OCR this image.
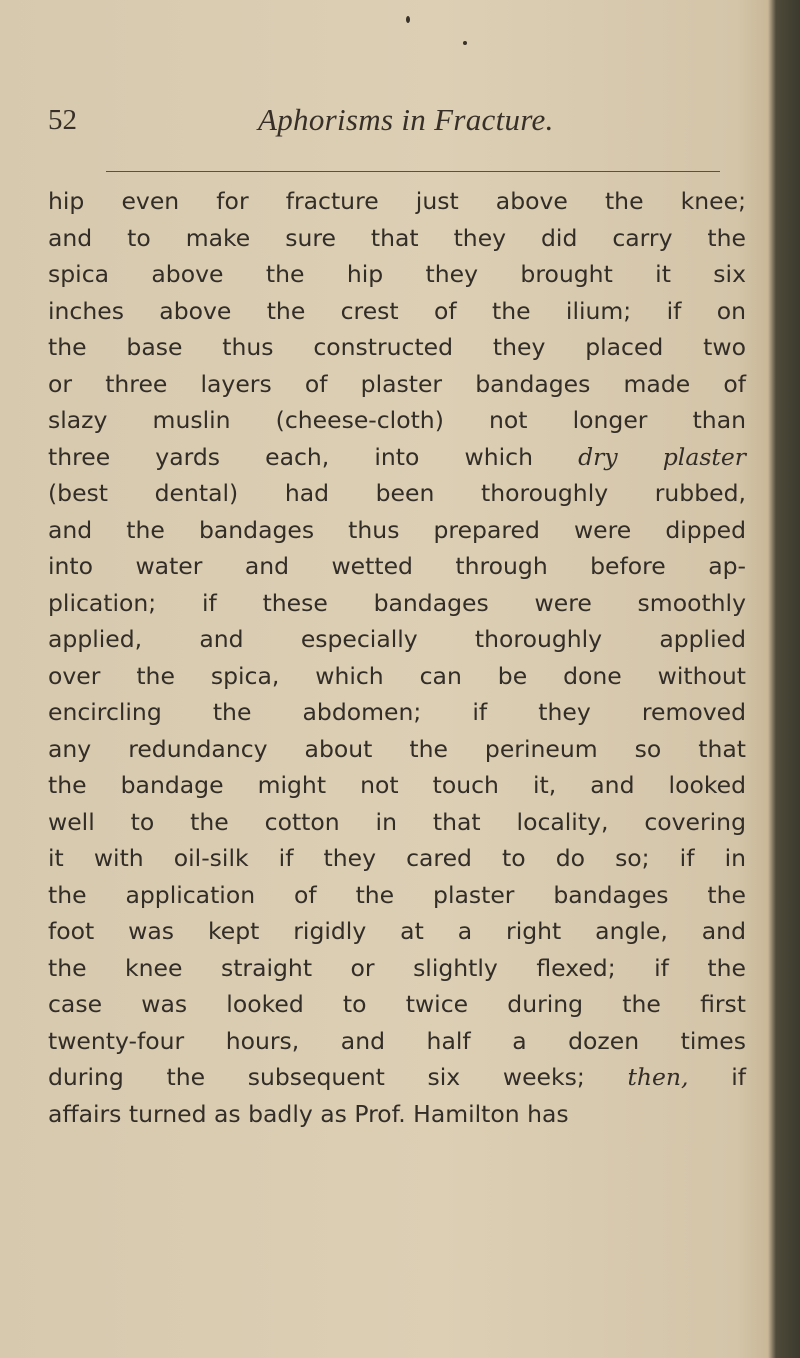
52	Aphorisms in Fracture.
hip even for fracture just above the knee;
and to make sure that they did carry the
spica above the hip they brought it six
inches above the crest of the ilium; if on
the base thus constructed they placed two
or three layers of plaster bandages made of
slazy muslin (cheese-cloth) not longer than
three yards each, into which dry plaster
(best dental) had been thoroughly rubbed,
and the bandages thus prepared were dipped
into water and wetted through before ap-
plication; if these bandages were smoothly
applied, and especially thoroughly applied
over the spica, which can be done without
encircling the abdomen; if they removed
any redundancy about the perineum so that
the bandage might not touch it, and looked
well to the cotton in that locality, covering
it with oil-silk if they cared to do so; if in
the application of the plaster bandages the
foot was kept rigidly at a right angle, and
the knee straight or slightly flexed; if the
case was looked to twice during the first
twenty-four hours, and half a dozen times
during the subsequent six weeks; then, if
affairs turned as badly as Prof. Hamilton has
